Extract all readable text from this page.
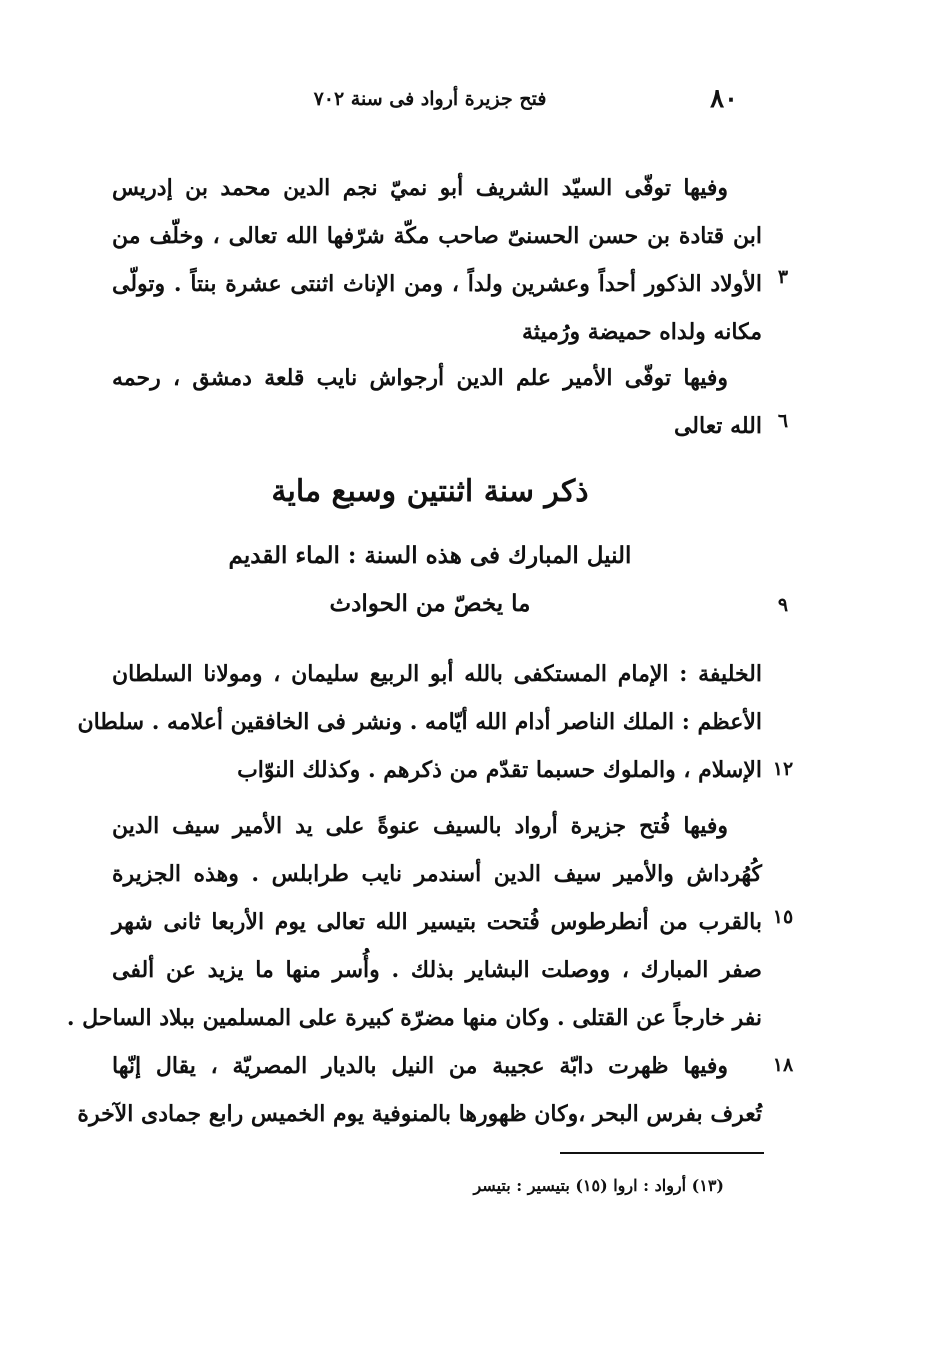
٨٠
فتح جزيرة أرواد فى سنة ٧٠٢
وفيها توفّى السيّد الشريف أبو نميّ نجم الدين محمد بن إدريس
ابن قتادة بن حسن الحسنىّ صاحب مكّة شرّفها الله تعالى ، وخلّف من
الأولاد الذكور أحداً وعشرين ولداً ، ومن الإناث اثنتى عشرة بنتاً . وتولّى
مكانه ولداه حميضة ورُميثة
٣
وفيها توفّى الأمير علم الدين أرجواش نايب قلعة دمشق ، رحمه
الله تعالى ٦
ذكر سنة اثنتين وسبع ماية
النيل المبارك فى هذه السنة : الماء القديم
ما يخصّ من الحوادث	٩
الخليفة : الإمام المستكفى بالله أبو الربيع سليمان ، ومولانا السلطان
الأعظم : الملك الناصر أدام الله أيّامه . ونشر فى الخافقين أعلامه . سلطان
الإسلام ، والملوك حسبما تقدّم من ذكرهم . وكذلك النوّاب ١٢
وفيها فُتح جزيرة أرواد بالسيف عنوةً على يد الأمير سيف الدين
كُهُرداش والأمير سيف الدين أسندمر نايب طرابلس . وهذه الجزيرة
بالقرب من أنطرطوس فُتحت بتيسير الله تعالى يوم الأربعا ثانى شهر
صفر المبارك ، ووصلت البشاير بذلك . وأُسر منها ما يزيد عن ألفى
نفر خارجاً عن القتلى . وكان منها مضرّة كبيرة على المسلمين ببلاد الساحل .
١٥
وفيها ظهرت دابّة عجيبة من النيل بالديار المصريّة ، يقال إنّها
تُعرف بفرس البحر ،وكان ظهورها بالمنوفية يوم الخميس رابع جمادى الآخرة
١٨
(١٣) أرواد : اروا (١٥) بتيسير : بتيسر
